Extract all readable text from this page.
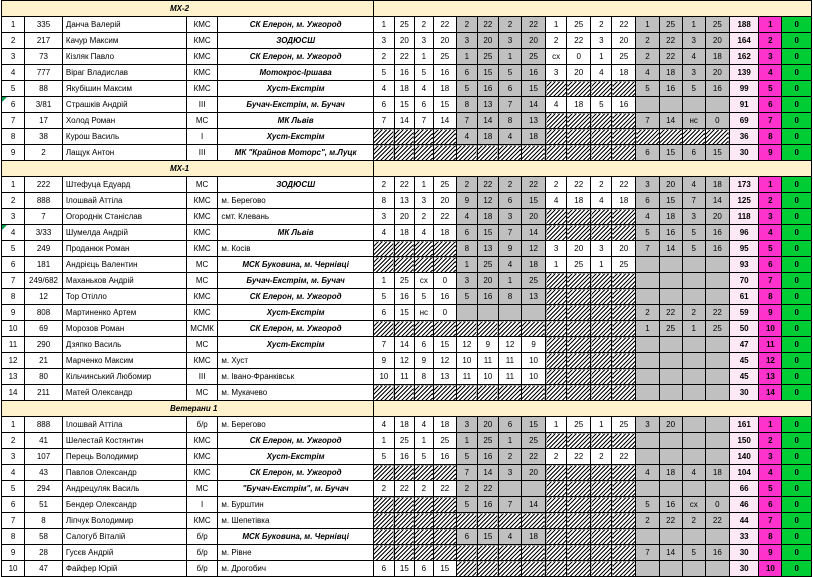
МХ-2																							
1	335	Данча Валерій	КМС	СК Елерон, м. Ужгород	1	25	2	22	2	22	2	22	1	25	2	22	1	25	1	25	188	1	0
2	217	Качур Максим	КМС	ЗОДЮСШ	3	20	3	20	3	20	3	20	2	22	3	20	2	22	3	20	164	2	0
3	73	Кізляк Павло	КМС	СК Елерон, м. Ужгород	2	22	1	25	1	25	1	25	сх	0	1	25	2	22	4	18	162	3	0
4	777	Віраг Владислав	КМС	Мотокрос-Іршава	5	16	5	16	6	15	5	16	3	20	4	18	4	18	3	20	139	4	0
5	88	Якубішин Максим	КМС	Хуст-Екстрім	4	18	4	18	5	16	6	15					5	16	5	16	99	5	0
6	3/81	Страшків Андрій	ІІІ	Бучач-Екстрім, м. Бучач	6	15	6	15	8	13	7	14	4	18	5	16					91	6	0
7	17	Холод Роман	МС	МК Львів	7	14	7	14	7	14	8	13					7	14	нс	0	69	7	0
8	38	Курош Василь	І	Хуст-Екстрім					4	18	4	18									36	8	0
9	2	Лащук Антон	ІІІ	МК "Крайнов Моторс", м.Луцк													6	15	6	15	30	9	0
МХ-1																							
1	222	Штефуца Едуард	МС	ЗОДЮСШ	2	22	1	25	2	22	2	22	2	22	2	22	3	20	4	18	173	1	0
2	888	Ілошвай Аттіла	КМС	м. Берегово	8	13	3	20	9	12	6	15	4	18	4	18	6	15	7	14	125	2	0
3	7	Огороднік Станіслав	КМС	смт. Клевань	3	20	2	22	4	18	3	20					4	18	3	20	118	3	0
4	3/33	Шумелда Андрій	КМС	МК Львів	4	18	4	18	6	15	7	14					5	16	5	16	96	4	0
5	249	Проданюк Роман	КМС	м. Косів					8	13	9	12	3	20	3	20	7	14	5	16	95	5	0
6	181	Андрієць Валентин	МС	МСК Буковина, м. Чернівці					1	25	4	18	1	25	1	25					93	6	0
7	249/682	Маханьков Андрій	МС	Бучач-Екстрім, м. Бучач	1	25	сх	0	3	20	1	25									70	7	0
8	12	Тор Отілло	КМС	СК Елерон, м. Ужгород	5	16	5	16	5	16	8	13									61	8	0
9	808	Мартиненко Артем	КМС	Хуст-Екстрім	6	15	нс	0									2	22	2	22	59	9	0
10	69	Морозов Роман	МСМК	СК Елерон, м. Ужгород													1	25	1	25	50	10	0
11	290	Дзяпко Василь	МС	Хуст-Екстрім	7	14	6	15	12	9	12	9									47	11	0
12	21	Марченко Максим	КМС	м. Хуст	9	12	9	12	10	11	11	10									45	12	0
13	80	Кільчинський Любомир	ІІІ	м. Івано-Франківськ	10	11	8	13	11	10	11	10									45	13	0
14	211	Матей Олександр	МС	м. Мукачево																	30	14	0
Ветерани 1																							
1	888	Ілошвай Аттіла	б/р	м. Берегово	4	18	4	18	3	20	6	15	1	25	1	25	3	20			161	1	0
2	41	Шелестай Костянтин	КМС	СК Елерон, м. Ужгород	1	25	1	25	1	25	1	25									150	2	0
3	107	Перець Володимир	КМС	Хуст-Екстрім	5	16	5	16	5	16	2	22	2	22	2	22					140	3	0
4	43	Павлов Олександр	КМС	СК Елерон, м. Ужгород					7	14	3	20					4	18	4	18	104	4	0
5	294	Андрецуляк Василь	МС	"Бучач-Екстрім", м. Бучач	2	22	2	22	2	22											66	5	0
6	51	Бендер Олександр	І	м. Бурштин					5	16	7	14					5	16	сх	0	46	6	0
7	8	Ліпчук Володимир	КМС	м. Шепетівка													2	22	2	22	44	7	0
8	58	Салогуб Віталій	б/р	МСК Буковина, м. Чернівці					6	15	4	18									33	8	0
9	28	Гусєв Андрій	б/р	м. Рівне													7	14	5	16	30	9	0
10	47	Файфер Юрій	б/р	м. Дрогобич	6	15	6	15													30	10	0
